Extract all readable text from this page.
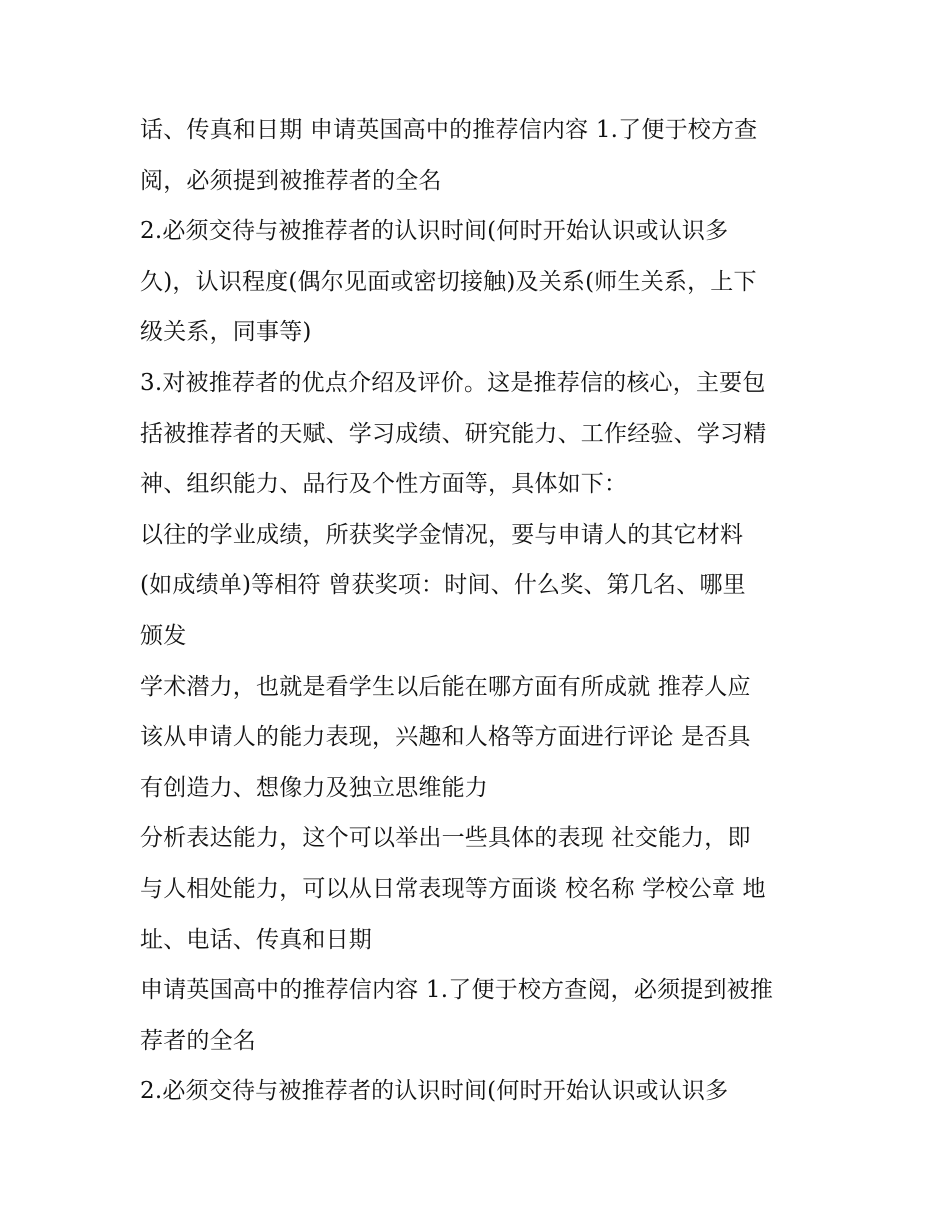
话、传真和日期 申请英国高中的推荐信内容 1.了便于校方查
阅，必须提到被推荐者的全名
2.必须交待与被推荐者的认识时间(何时开始认识或认识多
久)，认识程度(偶尔见面或密切接触)及关系(师生关系，上下
级关系，同事等)
3.对被推荐者的优点介绍及评价。这是推荐信的核心，主要包
括被推荐者的天赋、学习成绩、研究能力、工作经验、学习精
神、组织能力、品行及个性方面等，具体如下：
以往的学业成绩，所获奖学金情况，要与申请人的其它材料
(如成绩单)等相符 曾获奖项：时间、什么奖、第几名、哪里
颁发
学术潜力，也就是看学生以后能在哪方面有所成就 推荐人应
该从申请人的能力表现，兴趣和人格等方面进行评论 是否具
有创造力、想像力及独立思维能力
分析表达能力，这个可以举出一些具体的表现 社交能力，即
与人相处能力，可以从日常表现等方面谈 校名称 学校公章 地
址、电话、传真和日期
申请英国高中的推荐信内容 1.了便于校方查阅，必须提到被推
荐者的全名
2.必须交待与被推荐者的认识时间(何时开始认识或认识多
